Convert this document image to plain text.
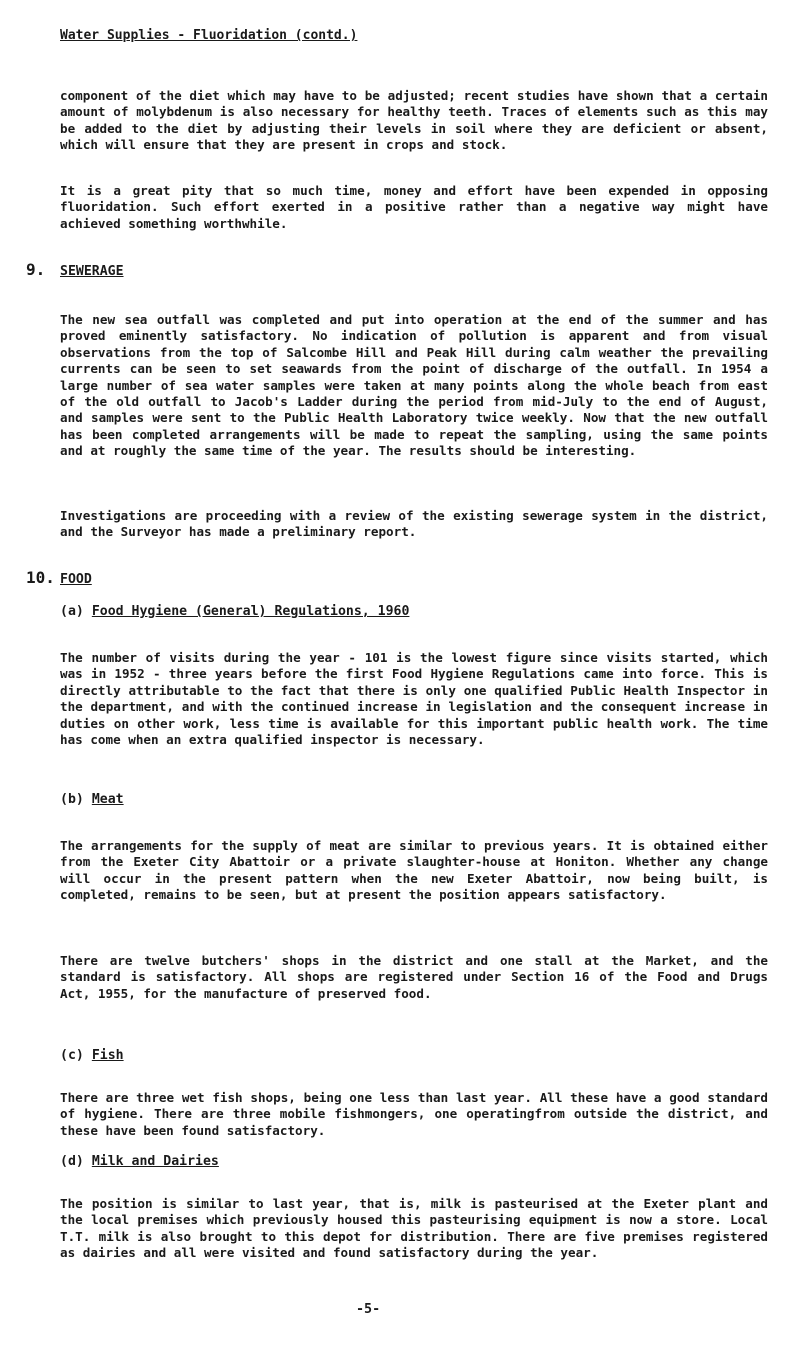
Water Supplies - Fluoridation (contd.)

component of the diet which may have to be adjusted; recent studies have shown that a certain amount of molybdenum is also necessary for healthy teeth. Traces of elements such as this may be added to the diet by adjusting their levels in soil where they are deficient or absent, which will ensure that they are present in crops and stock.

It is a great pity that so much time, money and effort have been expended in opposing fluoridation. Such effort exerted in a positive rather than a negative way might have achieved something worthwhile.

9. SEWERAGE

The new sea outfall was completed and put into operation at the end of the summer and has proved eminently satisfactory. No indication of pollution is apparent and from visual observations from the top of Salcombe Hill and Peak Hill during calm weather the prevailing currents can be seen to set seawards from the point of discharge of the outfall. In 1954 a large number of sea water samples were taken at many points along the whole beach from east of the old outfall to Jacob's Ladder during the period from mid-July to the end of August, and samples were sent to the Public Health Laboratory twice weekly. Now that the new outfall has been completed arrangements will be made to repeat the sampling, using the same points and at roughly the same time of the year. The results should be interesting.

Investigations are proceeding with a review of the existing sewerage system in the district, and the Surveyor has made a preliminary report.

10. FOOD

(a) Food Hygiene (General) Regulations, 1960

The number of visits during the year - 101 is the lowest figure since visits started, which was in 1952 - three years before the first Food Hygiene Regulations came into force. This is directly attributable to the fact that there is only one qualified Public Health Inspector in the department, and with the continued increase in legislation and the consequent increase in duties on other work, less time is available for this important public health work. The time has come when an extra qualified inspector is necessary.

(b) Meat

The arrangements for the supply of meat are similar to previous years. It is obtained either from the Exeter City Abattoir or a private slaughter-house at Honiton. Whether any change will occur in the present pattern when the new Exeter Abattoir, now being built, is completed, remains to be seen, but at present the position appears satisfactory.

There are twelve butchers' shops in the district and one stall at the Market, and the standard is satisfactory. All shops are registered under Section 16 of the Food and Drugs Act, 1955, for the manufacture of preserved food.

(c) Fish

There are three wet fish shops, being one less than last year. All these have a good standard of hygiene. There are three mobile fishmongers, one operatingfrom outside the district, and these have been found satisfactory.

(d) Milk and Dairies

The position is similar to last year, that is, milk is pasteurised at the Exeter plant and the local premises which previously housed this pasteurising equipment is now a store. Local T.T. milk is also brought to this depot for distribution. There are five premises registered as dairies and all were visited and found satisfactory during the year.

-5-
